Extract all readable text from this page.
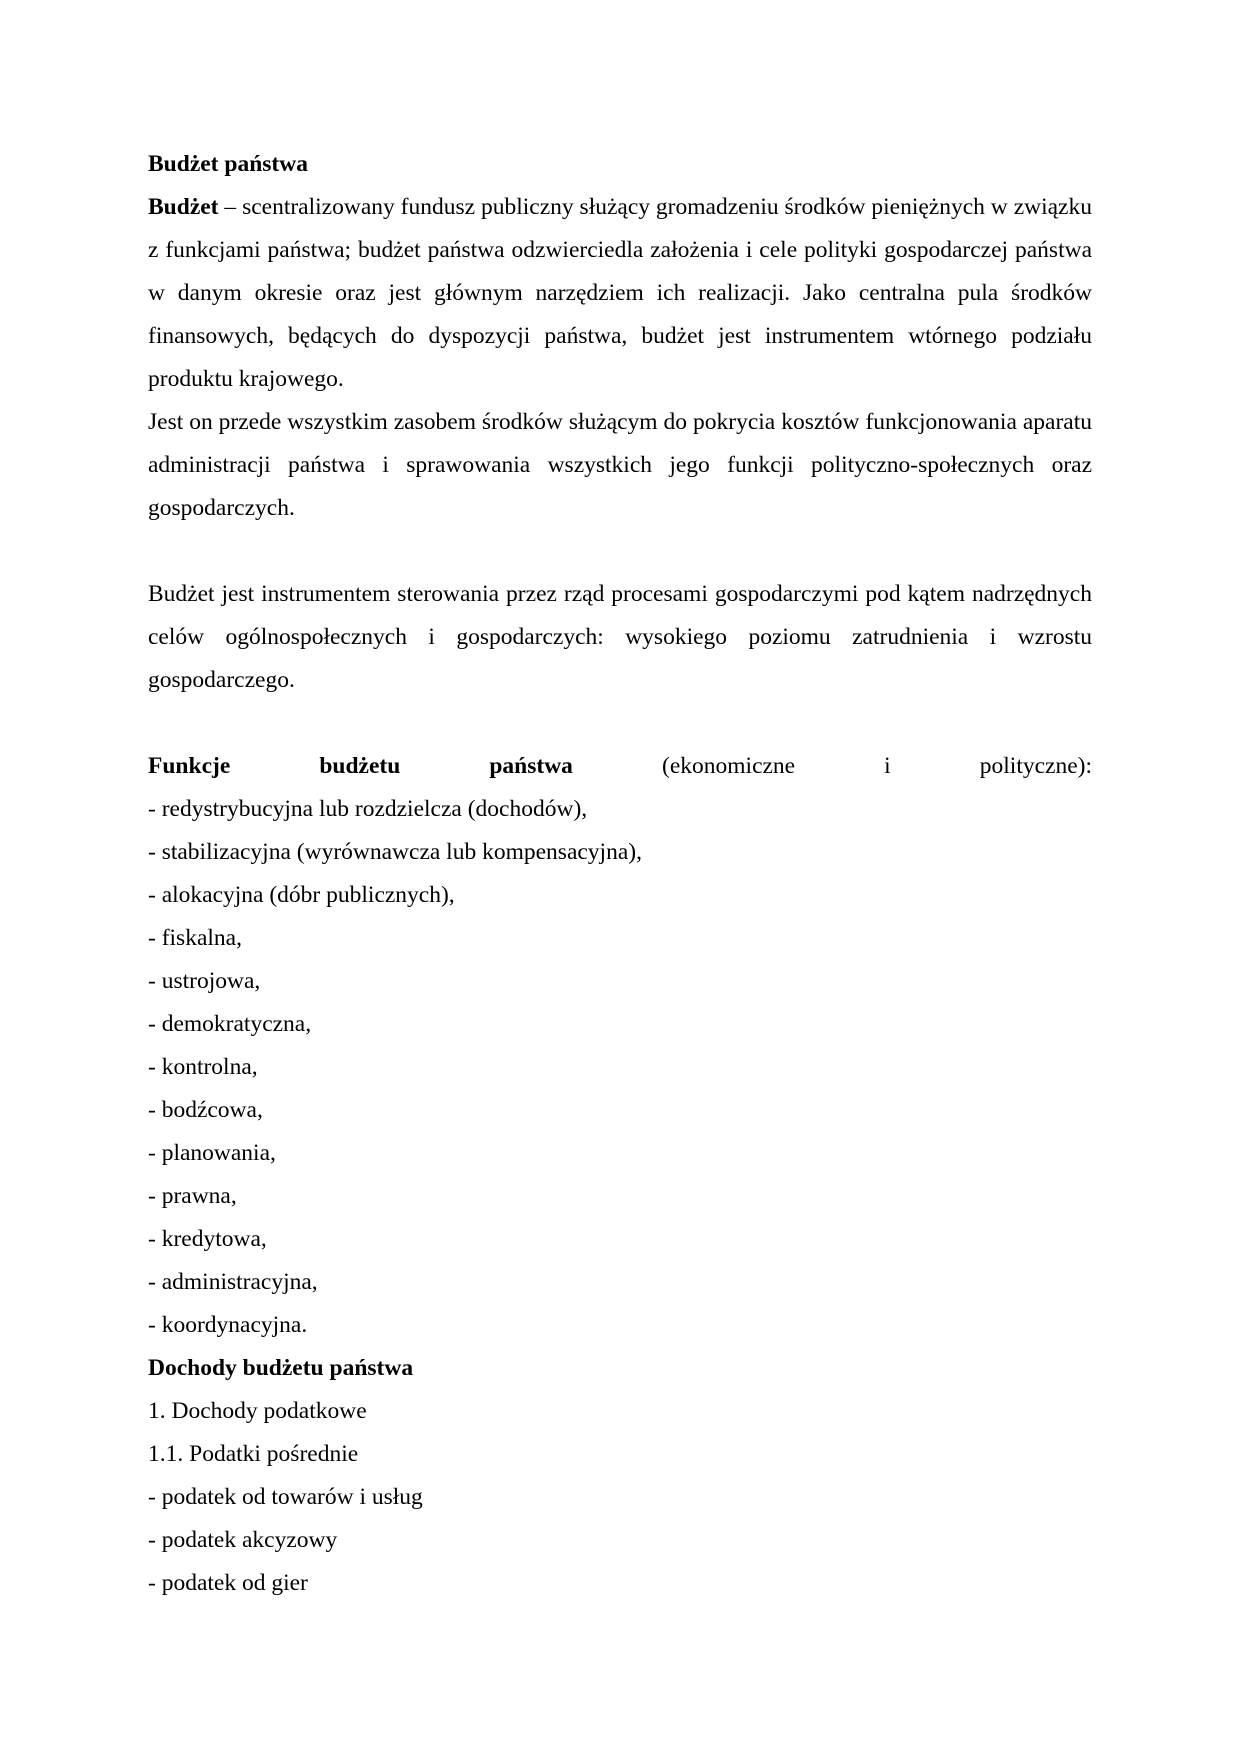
Budżet państwa

Budżet – scentralizowany fundusz publiczny służący gromadzeniu środków pieniężnych w związku z funkcjami państwa; budżet państwa odzwierciedla założenia i cele polityki gospodarczej państwa w danym okresie oraz jest głównym narzędziem ich realizacji. Jako centralna pula środków finansowych, będących do dyspozycji państwa, budżet jest instrumentem wtórnego podziału produktu krajowego.

Jest on przede wszystkim zasobem środków służącym do pokrycia kosztów funkcjonowania aparatu administracji państwa i sprawowania wszystkich jego funkcji polityczno-społecznych oraz gospodarczych.

Budżet jest instrumentem sterowania przez rząd procesami gospodarczymi pod kątem nadrzędnych celów ogólnospołecznych i gospodarczych: wysokiego poziomu zatrudnienia i wzrostu gospodarczego.

Funkcje	budżetu	państwa	(ekonomiczne	i	polityczne):
- redystrybucyjna lub rozdzielcza (dochodów),
- stabilizacyjna (wyrównawcza lub kompensacyjna),
- alokacyjna (dóbr publicznych),
- fiskalna,
- ustrojowa,
- demokratyczna,
- kontrolna,
- bodźcowa,
- planowania,
- prawna,
- kredytowa,
- administracyjna,
- koordynacyjna.

Dochody budżetu państwa

1. Dochody podatkowe

1.1. Podatki pośrednie

- podatek od towarów i usług
- podatek akcyzowy
- podatek od gier
